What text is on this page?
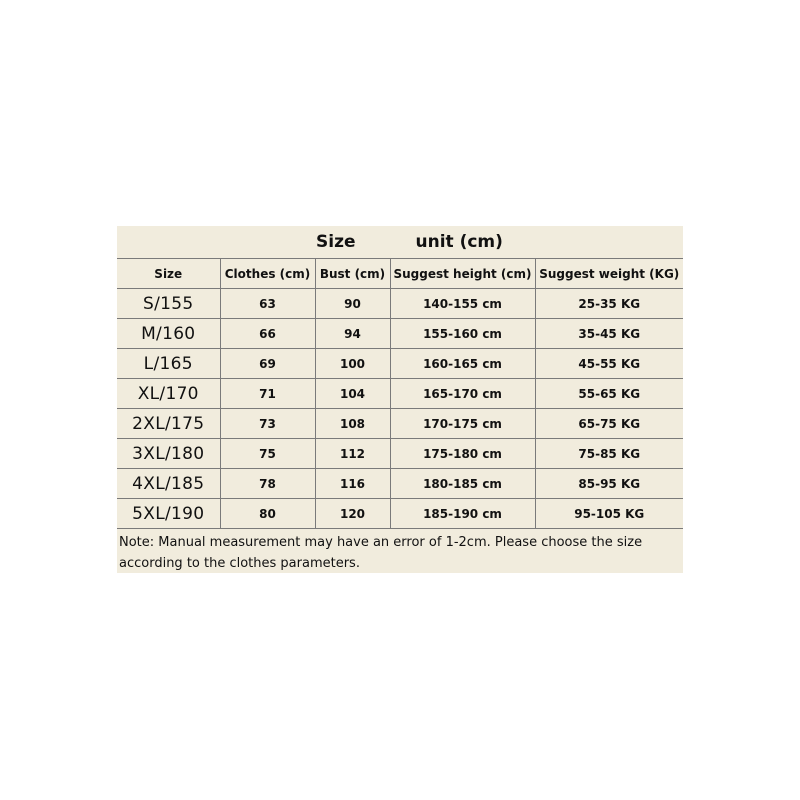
Size	unit (cm)
Size	Clothes (cm)	Bust (cm)	Suggest height (cm)	Suggest weight (KG)
S/155	63	90	140-155 cm	25-35 KG
M/160	66	94	155-160 cm	35-45 KG
L/165	69	100	160-165 cm	45-55 KG
XL/170	71	104	165-170 cm	55-65 KG
2XL/175	73	108	170-175 cm	65-75 KG
3XL/180	75	112	175-180 cm	75-85 KG
4XL/185	78	116	180-185 cm	85-95 KG
5XL/190	80	120	185-190 cm	95-105 KG
Note: Manual measurement may have an error of 1-2cm. Please choose the size
according to the clothes parameters.
